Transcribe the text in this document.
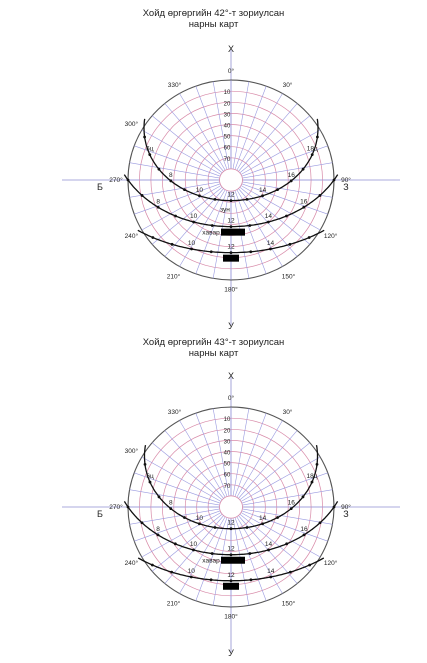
Хойд өргөргийн 42°-т зориулсан
нарны карт
10
20
30
40
50
60
70
0°
30°
90°
120°
150°
180°
210°
240°
270°
300°
330°
Х
З
У
Б
6ц
8
10
12
14
16
18ц
8
10
12
14
16
10
12
14
зун
хавар
Хойд өргөргийн 43°-т зориулсан
нарны карт
10
20
30
40
50
60
70
0°
30°
90°
120°
150°
180°
210°
240°
270°
300°
330°
Х
З
У
Б
6ц
8
10
12
14
16
18ц
8
10
12
14
16
10
12
14
хавар
